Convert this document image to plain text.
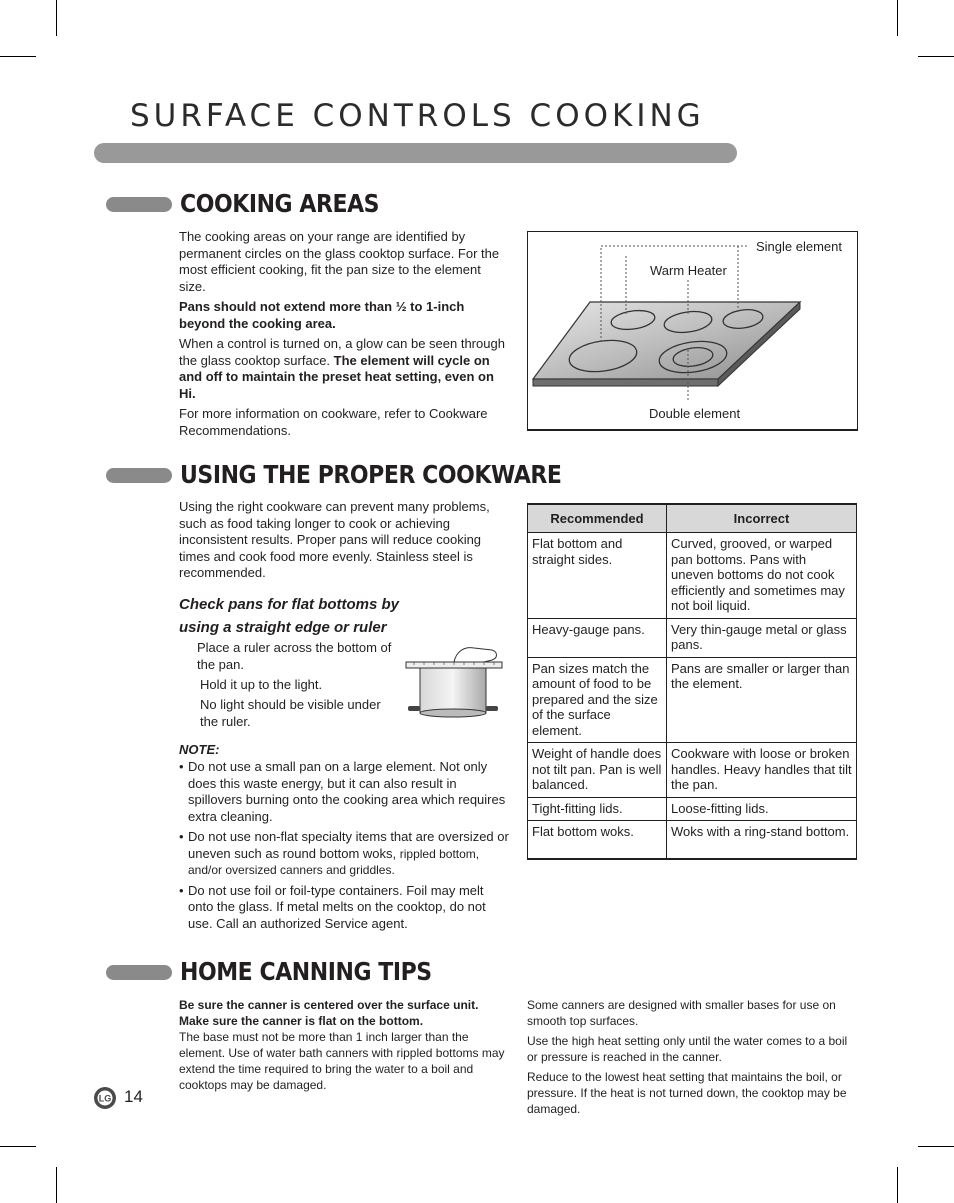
SURFACE CONTROLS COOKING
COOKING AREAS

The cooking areas on your range are identified by permanent circles on the glass cooktop surface. For the most efficient cooking, fit the pan size to the element size.

Pans should not extend more than ½ to 1-inch beyond the cooking area.

When a control is turned on, a glow can be seen through the glass cooktop surface. The element will cycle on and off to maintain the preset heat setting, even on Hi.

For more information on cookware, refer to Cookware Recommendations.

Single element
Warm Heater
Double element
USING THE PROPER COOKWARE
Using the right cookware can prevent many problems, such as food taking longer to cook or achieving inconsistent results. Proper pans will reduce cooking times and cook food more evenly. Stainless steel is recommended.
Check pans for flat bottoms by
using a straight edge or ruler
Place a ruler across the bottom of the pan.
Hold it up to the light.
No light should be visible under the ruler.
NOTE:
• Do not use a small pan on a large element. Not only does this waste energy, but it can also result in spillovers burning onto the cooking area which requires extra cleaning.
• Do not use non-flat specialty items that are oversized or uneven such as round bottom woks, rippled bottom, and/or oversized canners and griddles.
• Do not use foil or foil-type containers. Foil may melt onto the glass. If metal melts on the cooktop, do not use. Call an authorized Service agent.
Recommended	Incorrect
Flat bottom and straight sides.	Curved, grooved, or warped pan bottoms. Pans with uneven bottoms do not cook efficiently and sometimes may not boil liquid.
Heavy-gauge pans.	Very thin-gauge metal or glass pans.
Pan sizes match the amount of food to be prepared and the size of the surface element.	Pans are smaller or larger than the element.
Weight of handle does not tilt pan. Pan is well balanced.	Cookware with loose or broken handles. Heavy handles that tilt the pan.
Tight-fitting lids.	Loose-fitting lids.
Flat bottom woks.	Woks with a ring-stand bottom.
HOME CANNING TIPS

Be sure the canner is centered over the surface unit.

Make sure the canner is flat on the bottom.

The base must not be more than 1 inch larger than the element. Use of water bath canners with rippled bottoms may extend the time required to bring the water to a boil and cooktops may be damaged.

Some canners are designed with smaller bases for use on smooth top surfaces.

Use the high heat setting only until the water comes to a boil or pressure is reached in the canner.

Reduce to the lowest heat setting that maintains the boil, or pressure. If the heat is not turned down, the cooktop may be damaged.

LG 14
